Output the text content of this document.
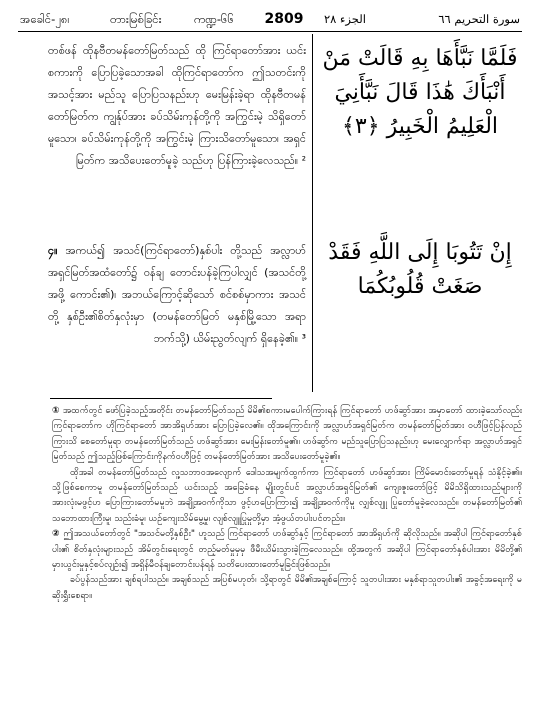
အခေါင်-၂၈၊	တားမြစ်ခြင်း	ကဏ္ဍ-၆၆	2809	الجزء ٢٨	سورة التحريم ٦٦

တစ်ဖန် ထိုနဗီတမန်တော်မြတ်သည် ထို ကြင်ရာတော်အား ယင်းစကားကို ပြောပြခဲ့သောအခါ ထိုကြင်ရာတော်က ဤသတင်းကို အသင့်အား မည်သူ ပြောပြသနည်းဟု မေးမြန်းခဲ့ရာ ထိုနဗီတမန် တော်မြတ်က ကျွန်ုပ်အား ခပ်သိမ်းကုန်တို့ကို အကြွင်းမဲ့ သိရှိတော်မူသော၊ ခပ်သိမ်းကုန်တို့ကို အကြွင်းမဲ့ ကြားသိတော်မူသော၊ အရှင်မြတ်က အသိပေးတော်မူခဲ့ သည်ဟု ပြန်ကြားခဲ့လေသည်။ ²

فَلَمَّا نَبَّأَهَا بِهِ قَالَتْ مَنْ أَنْبَأَكَ هَٰذَا قَالَ نَبَّأَنِيَ الْعَلِيمُ الْخَبِيرُ ﴿٣﴾

၄။ အကယ်၍ အသင်(ကြင်ရာတော်)နှစ်ပါး တို့သည် အလ္လာဟ်အရှင်မြတ်အထံတော်၌ ဝန်ချ တောင်းပန်ခဲ့ကြပါလျှင် (အသင်တို့အဖို့ ကောင်း၏)၊ အဘယ်ကြောင့်ဆိုသော် စင်စစ်မှာကား အသင်တို့ နှစ်ဦး၏စိတ်နှလုံးမှာ (တမန်တော်မြတ် မနှစ်မြို့သော အရာဘက်သို့) ယိမ်းညွတ်လျက် ရှိနေခဲ့၏။ ³

إِنْ تَتُوبَا إِلَى اللَّهِ فَقَدْ صَغَتْ قُلُوبُكُمَا

① အထက်တွင် ဖော်ပြခဲ့သည့်အတိုင်း တမန်တော်မြတ်သည် မိမိ၏စကားမပေါက်ကြားရန် ကြင်ရာတော် ဟဖ်ဆွာ်အား အမှာတော် ထားခဲ့သော်လည်း ကြင်ရာတော်က ဟိုကြင်ရာတော် အာအိရှဟ်အား ပြောပြခဲ့လေ၏။ ထိုအကြောင်းကို အလ္လာဟ်အရှင်မြတ်က တမန်တော်မြတ်အား ဝဟီဖြင့်ပြန်လည်ကြားသိ စေတော်မူရာ တမန်တော်မြတ်သည် ဟဖ်ဆွာ်အား မေးမြန်းတော်မူ၏။ ဟဖ်ဆွာ်က မည်သူပြောပြသနည်းဟု မေးလျှောက်ရာ အလ္လာဟ်အရှင်မြတ်သည် ဤသည့်ဖြစ်ကြောင်းကိုနက်ဝဟီဖြင့် တမန်တော်မြတ်အား အသိပေးတော်မူခဲ့၏။

ထိုအခါ တမန်တော်မြတ်သည် လူ့သဘာဝအလျောက် ဒေါသအမျက်ထွက်ကာ ကြင်ရာတော် ဟဖ်ဆွာ်အား ကြိမ်မောင်းတော်မူရန် သံနိုင့်ခဲ့၏။ သို့ဖြစ်စေကာမူ တမန်တော်မြတ်သည် ယင်းသည့် အခြေခံနေ မျိုးတွင်ပင် အလ္လာဟ်အရှင်မြတ်၏ ကျေးဇူးတော်ဖြင့် မိမိသိရှိထားသည်များကို အားလုံးမဖွင့်ဟ ပြောကြားတော်မမူဘဲ အချို့အဝက်ကိုသာ ဖွင့်ဟပြောကြား၍ အချို့အဝက်ကိုမူ လျှစ်လျူ ပြုတော်မူခဲ့လေသည်။ တမန်တော်မြတ်၏ သဘောထားကြီးမူ၊ သည်းခံမူ၊ ယဉ်ကျေးသိမ်မွေ့မှု၊ လျစ်လျူပြုမှုတို့မှာ အံ့ဖွယ်တပါးပင်တည်း။

② ဤအသယ်တော်တွင် "အသင်မတို့နှစ်ဦး" ဟူသည် ကြင်ရာတော် ဟဖ်ဆွာ်နှင့် ကြင်ရာတော် အာအိရှဟ်ကို ဆိုလိုသည်။ အဆိုပါ ကြင်ရာတော်နှစ်ပါး၏ စိတ်နှလုံးများသည် အိမ်တွင်းရေးတွင် တည့်မတ်မှုမှမှ ဖီမီးယိမ်းသွားခဲ့ကြလေသည်။ ထို့အတွက် အဆိုပါ ကြင်ရာတော်နှစ်ပါးအား မိမိတို့၏ မှားယွင်းမှုနှင့်စပ်လျဉ်း၍ အရှိန်မီဝန်ချတောင်းပန်ရန် သတိပေးထားတော်မူခြင်းဖြစ်သည်။

ခပ်ပွန်သည်အား ချစ်ရပါသည်။ အချစ်သည် အပြစ်မဟုတ်၊ သို့ရာတွင် မိမိ၏အချစ်ကြောင့် သူတပါးအား မနှစ်ရာသူတပါး၏ အခွင့်အရေးကို မဆိုးရွှီးစေရာ။
